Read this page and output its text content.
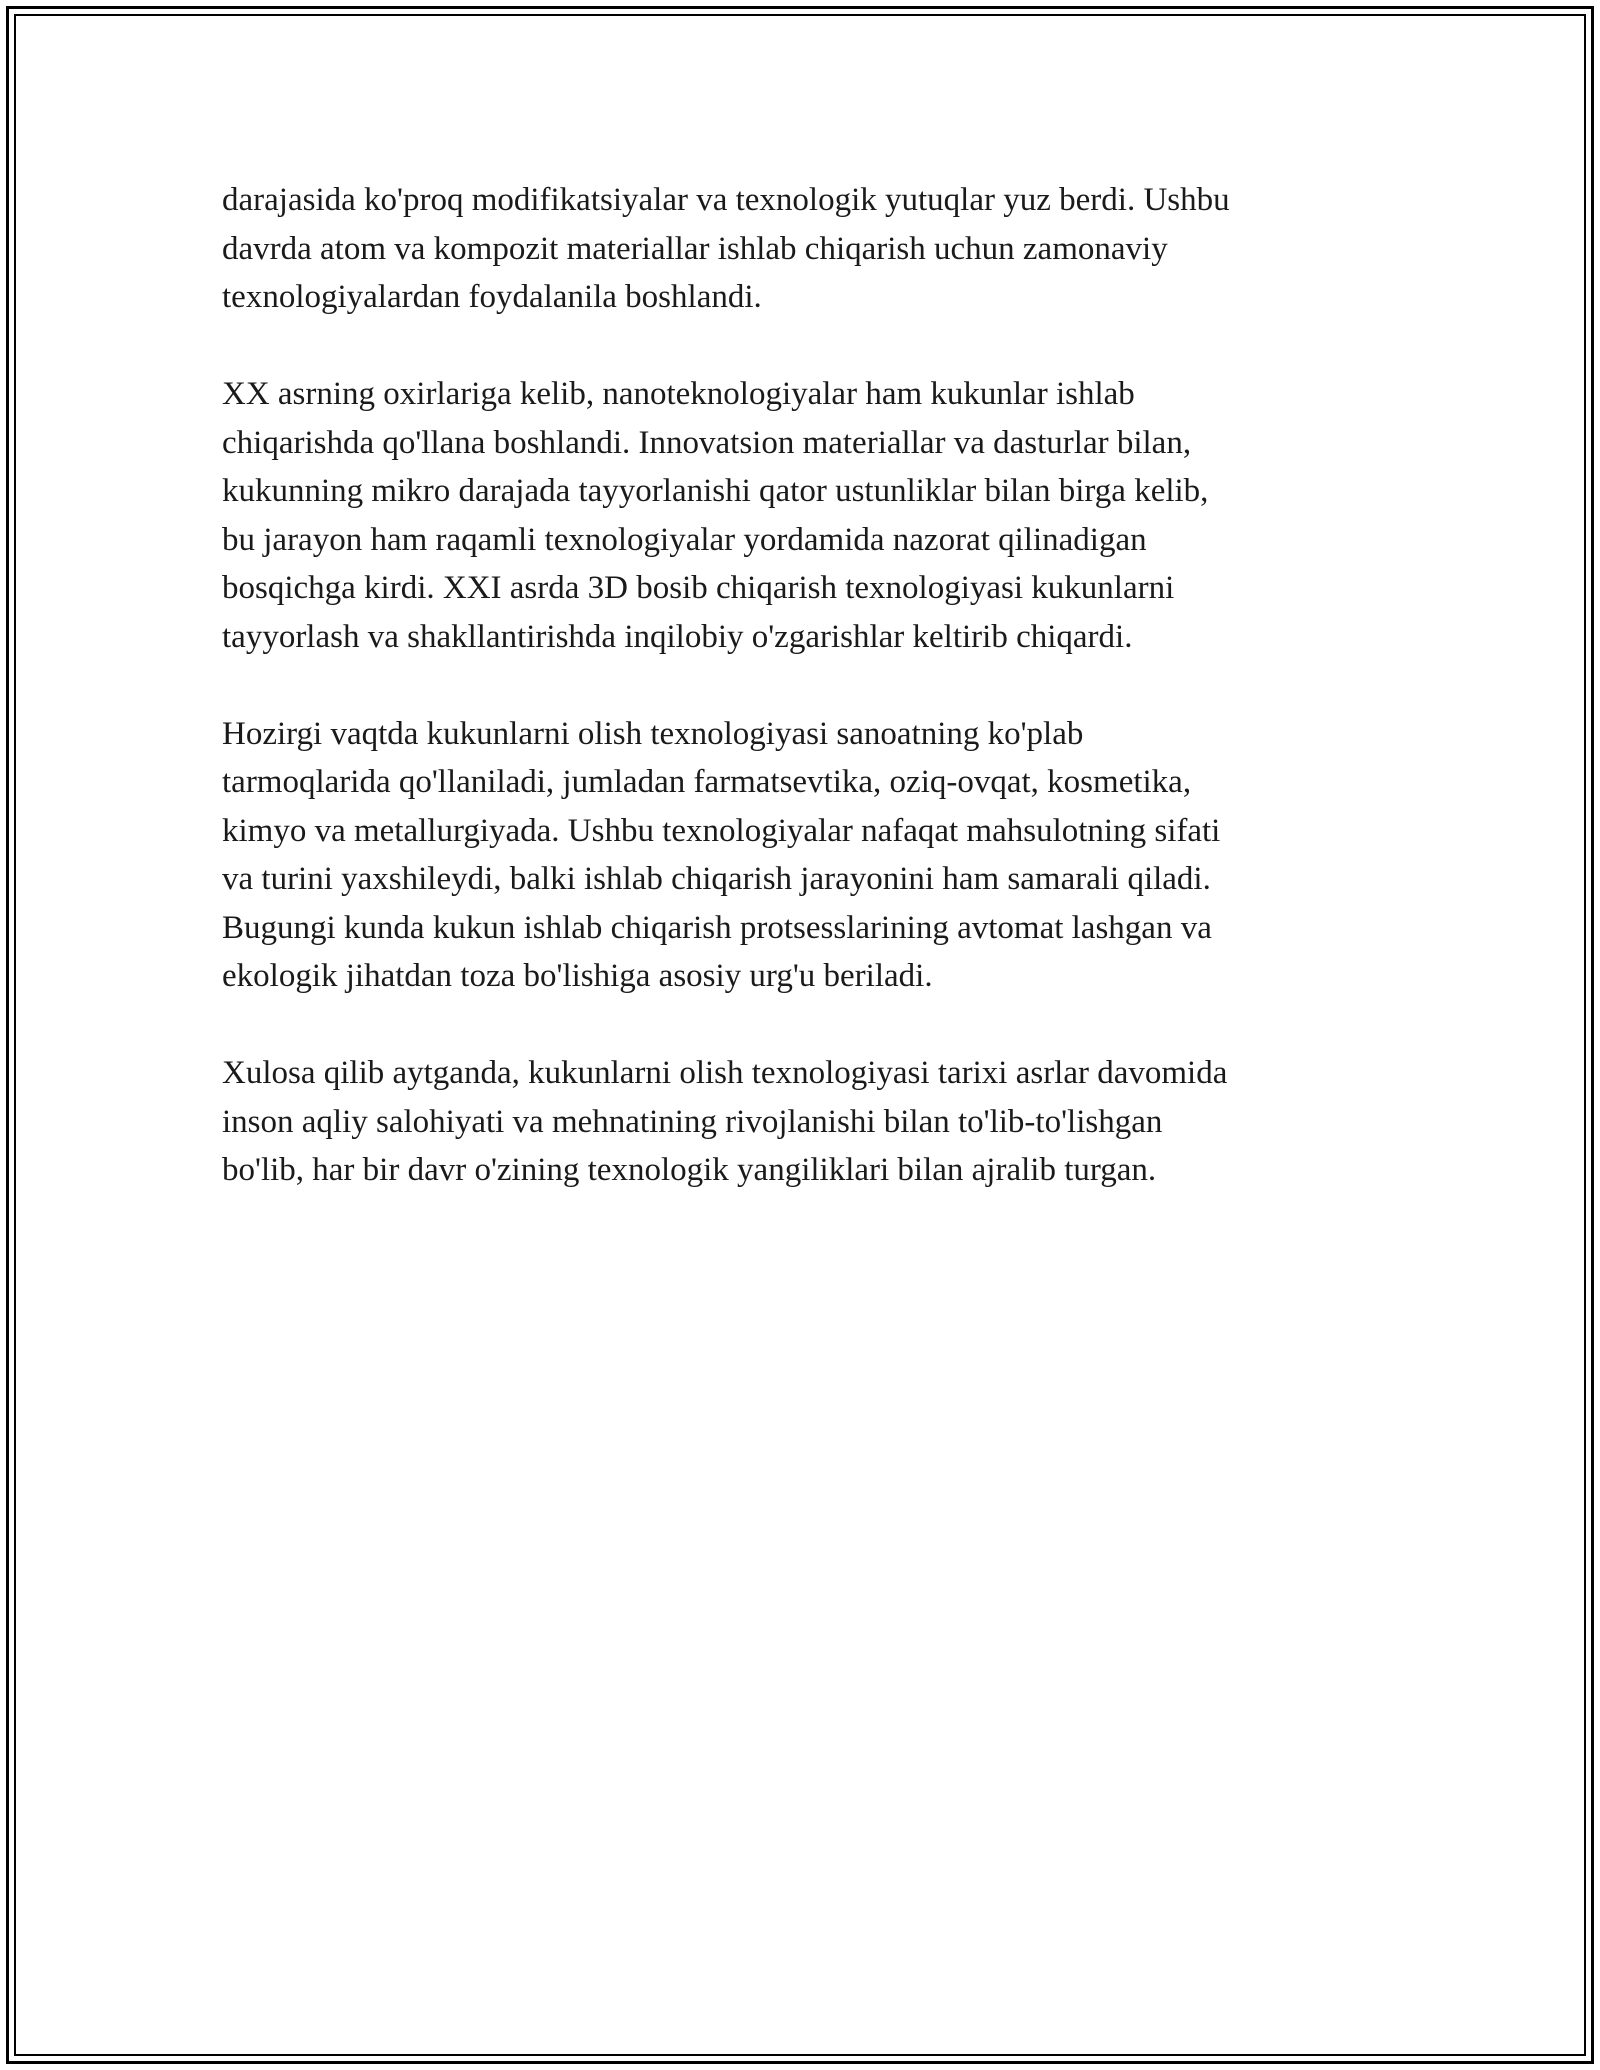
darajasida ko'proq modifikatsiyalar va texnologik yutuqlar yuz berdi. Ushbu
davrda atom va kompozit materiallar ishlab chiqarish uchun zamonaviy
texnologiyalardan foydalanila boshlandi.

XX asrning oxirlariga kelib, nanoteknologiyalar ham kukunlar ishlab
chiqarishda qo'llana boshlandi. Innovatsion materiallar va dasturlar bilan,
kukunning mikro darajada tayyorlanishi qator ustunliklar bilan birga kelib,
bu jarayon ham raqamli texnologiyalar yordamida nazorat qilinadigan
bosqichga kirdi. XXI asrda 3D bosib chiqarish texnologiyasi kukunlarni
tayyorlash va shakllantirishda inqilobiy o'zgarishlar keltirib chiqardi.

Hozirgi vaqtda kukunlarni olish texnologiyasi sanoatning ko'plab
tarmoqlarida qo'llaniladi, jumladan farmatsevtika, oziq-ovqat, kosmetika,
kimyo va metallurgiyada. Ushbu texnologiyalar nafaqat mahsulotning sifati
va turini yaxshileydi, balki ishlab chiqarish jarayonini ham samarali qiladi.
Bugungi kunda kukun ishlab chiqarish protsesslarining avtomat lashgan va
ekologik jihatdan toza bo'lishiga asosiy urg'u beriladi.

Xulosa qilib aytganda, kukunlarni olish texnologiyasi tarixi asrlar davomida
inson aqliy salohiyati va mehnatining rivojlanishi bilan to'lib-to'lishgan
bo'lib, har bir davr o'zining texnologik yangiliklari bilan ajralib turgan.
